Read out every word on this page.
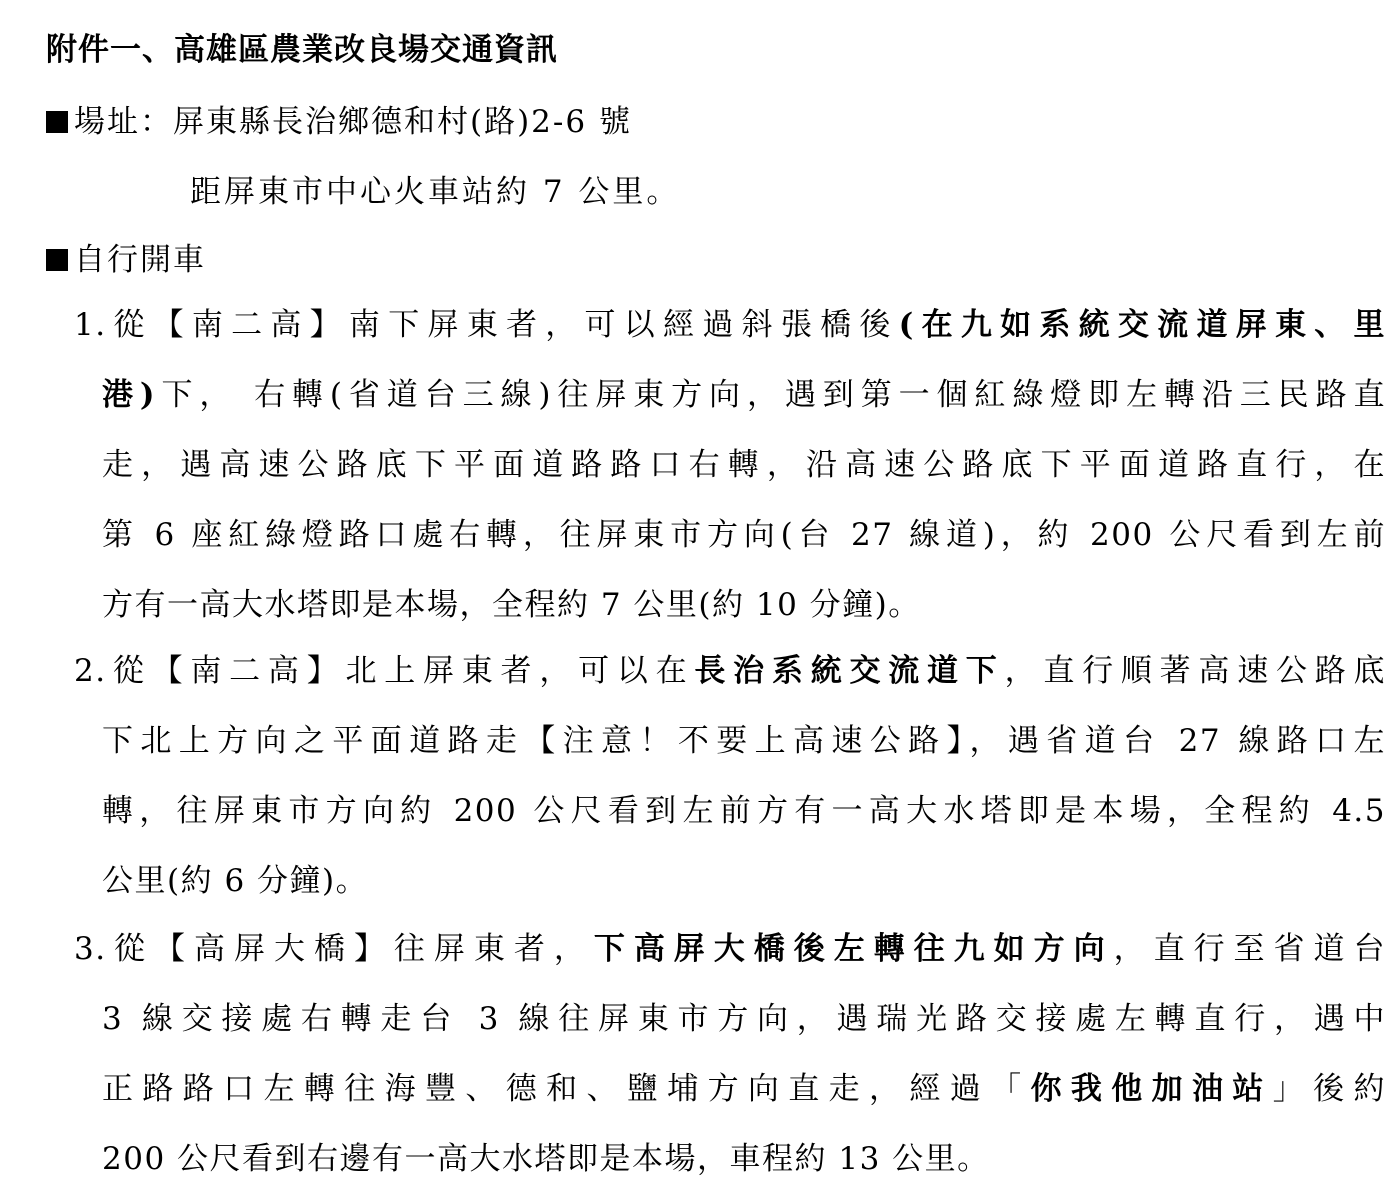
附件一、高雄區農業改良場交通資訊
場址：屏東縣長治鄉德和村(路)2-6 號
距屏東市中心火車站約 7 公里。
自行開車
1.從【南二高】南下屏東者，可以經過斜張橋後(在九如系統交流道屏東、里
港)下， 右轉(省道台三線)往屏東方向，遇到第一個紅綠燈即左轉沿三民路直
走，遇高速公路底下平面道路路口右轉，沿高速公路底下平面道路直行，在
第 6 座紅綠燈路口處右轉，往屏東市方向(台 27 線道)，約 200 公尺看到左前
方有一高大水塔即是本場，全程約 7 公里(約 10 分鐘)。
2.從【南二高】北上屏東者，可以在長治系統交流道下，直行順著高速公路底
下北上方向之平面道路走【注意！不要上高速公路】，遇省道台 27 線路口左
轉，往屏東市方向約 200 公尺看到左前方有一高大水塔即是本場，全程約 4.5
公里(約 6 分鐘)。
3.從【高屏大橋】往屏東者，下高屏大橋後左轉往九如方向，直行至省道台
3 線交接處右轉走台 3 線往屏東市方向，遇瑞光路交接處左轉直行，遇中
正路路口左轉往海豐、德和、鹽埔方向直走，經過「你我他加油站」後約
200 公尺看到右邊有一高大水塔即是本場，車程約 13 公里。
